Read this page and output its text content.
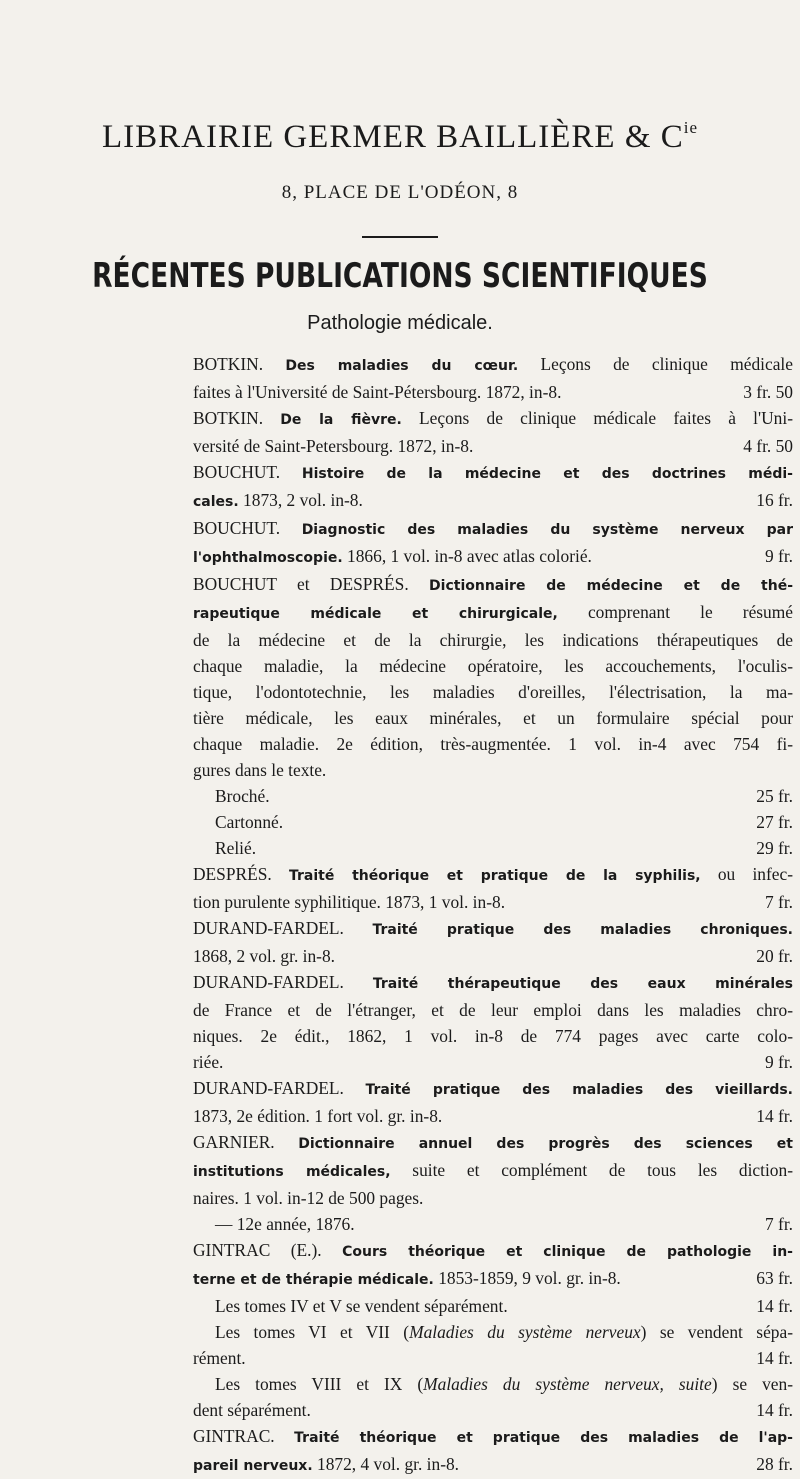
LIBRAIRIE GERMER BAILLIÈRE & $C^{ie}$
8, PLACE DE L'ODÉON, 8
RÉCENTES PUBLICATIONS SCIENTIFIQUES
Pathologie médicale.
BOTKIN. Des maladies du cœur. Leçons de clinique médicale
faites à l'Université de Saint-Pétersbourg. 1872, in-8.	3 fr. 50
BOTKIN. De la fièvre. Leçons de clinique médicale faites à l'Uni-
versité de Saint-Petersbourg. 1872, in-8.	4 fr. 50
BOUCHUT. Histoire de la médecine et des doctrines médi-
cales. 1873, 2 vol. in-8.	16 fr.
BOUCHUT. Diagnostic des maladies du système nerveux par
l'ophthalmoscopie. 1866, 1 vol. in-8 avec atlas colorié.	9 fr.
BOUCHUT et DESPRÉS. Dictionnaire de médecine et de thé-
rapeutique médicale et chirurgicale, comprenant le résumé
de la médecine et de la chirurgie, les indications thérapeutiques de
chaque maladie, la médecine opératoire, les accouchements, l'oculis-
tique, l'odontotechnie, les maladies d'oreilles, l'électrisation, la ma-
tière médicale, les eaux minérales, et un formulaire spécial pour
chaque maladie. 2e édition, très-augmentée. 1 vol. in-4 avec 754 fi-
gures dans le texte.
Broché.	25 fr.
Cartonné.	27 fr.
Relié.	29 fr.
DESPRÉS. Traité théorique et pratique de la syphilis, ou infec-
tion purulente syphilitique. 1873, 1 vol. in-8.	7 fr.
DURAND-FARDEL. Traité pratique des maladies chroniques.
1868, 2 vol. gr. in-8.	20 fr.
DURAND-FARDEL. Traité thérapeutique des eaux minérales
de France et de l'étranger, et de leur emploi dans les maladies chro-
niques. 2e édit., 1862, 1 vol. in-8 de 774 pages avec carte colo-
riée.	9 fr.
DURAND-FARDEL. Traité pratique des maladies des vieillards.
1873, 2e édition. 1 fort vol. gr. in-8.	14 fr.
GARNIER. Dictionnaire annuel des progrès des sciences et
institutions médicales, suite et complément de tous les diction-
naires. 1 vol. in-12 de 500 pages.
— 12e année, 1876.	7 fr.
GINTRAC (E.). Cours théorique et clinique de pathologie in-
terne et de thérapie médicale. 1853-1859, 9 vol. gr. in-8.	63 fr.
Les tomes IV et V se vendent séparément.	14 fr.
Les tomes VI et VII (Maladies du système nerveux) se vendent sépa-
rément.	14 fr.
Les tomes VIII et IX (Maladies du système nerveux, suite) se ven-
dent séparément.	14 fr.
GINTRAC. Traité théorique et pratique des maladies de l'ap-
pareil nerveux. 1872, 4 vol. gr. in-8.	28 fr.
